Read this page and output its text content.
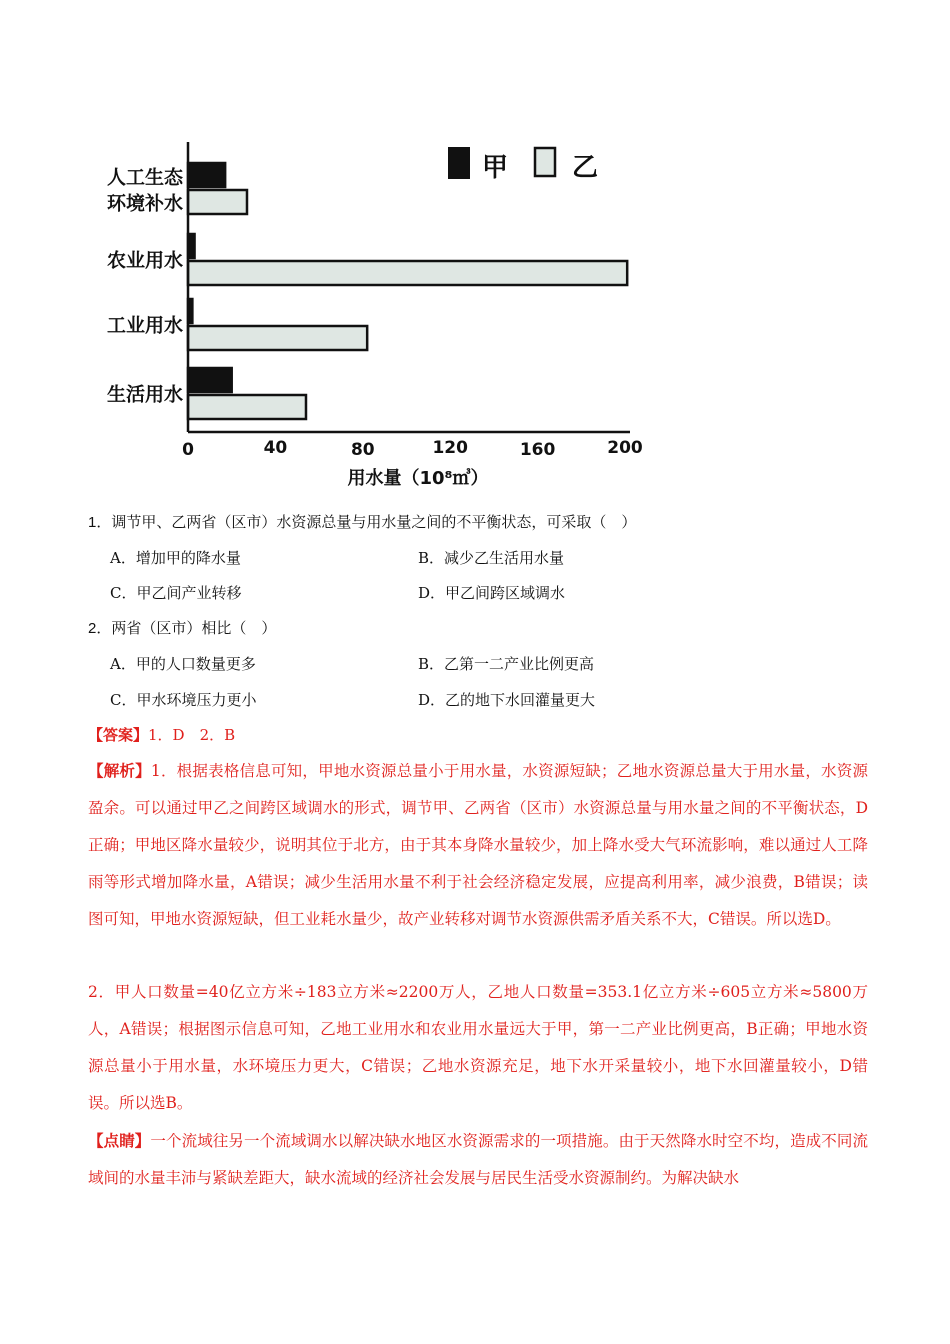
0	40	80	120	160	200
人工生态
环境补水
农业用水
工业用水
生活用水
用水量（10⁸㎥）
甲 乙
1．调节甲、乙两省（区市）水资源总量与用水量之间的不平衡状态，可采取（　）
A．增加甲的降水量	B．减少乙生活用水量
C．甲乙间产业转移	D．甲乙间跨区域调水
2．两省（区市）相比（　）
A．甲的人口数量更多	B．乙第一二产业比例更高
C．甲水环境压力更小	D．乙的地下水回灌量更大
【答案】1．D　2．B
【解析】1．根据表格信息可知，甲地水资源总量小于用水量，水资源短缺；乙地水资源总量大于用水量，水资源盈余。可以通过甲乙之间跨区域调水的形式，调节甲、乙两省（区市）水资源总量与用水量之间的不平衡状态，D正确；甲地区降水量较少，说明其位于北方，由于其本身降水量较少，加上降水受大气环流影响，难以通过人工降雨等形式增加降水量，A错误；减少生活用水量不利于社会经济稳定发展，应提高利用率，减少浪费，B错误；读图可知，甲地水资源短缺，但工业耗水量少，故产业转移对调节水资源供需矛盾关系不大，C错误。所以选D。
2．甲人口数量=40亿立方米÷183立方米≈2200万人，乙地人口数量=353.1亿立方米÷605立方米≈5800万人，A错误；根据图示信息可知，乙地工业用水和农业用水量远大于甲，第一二产业比例更高，B正确；甲地水资源总量小于用水量，水环境压力更大，C错误；乙地水资源充足，地下水开采量较小，地下水回灌量较小，D错误。所以选B。
【点睛】一个流域往另一个流域调水以解决缺水地区水资源需求的一项措施。由于天然降水时空不均，造成不同流域间的水量丰沛与紧缺差距大，缺水流域的经济社会发展与居民生活受水资源制约。为解决缺水
